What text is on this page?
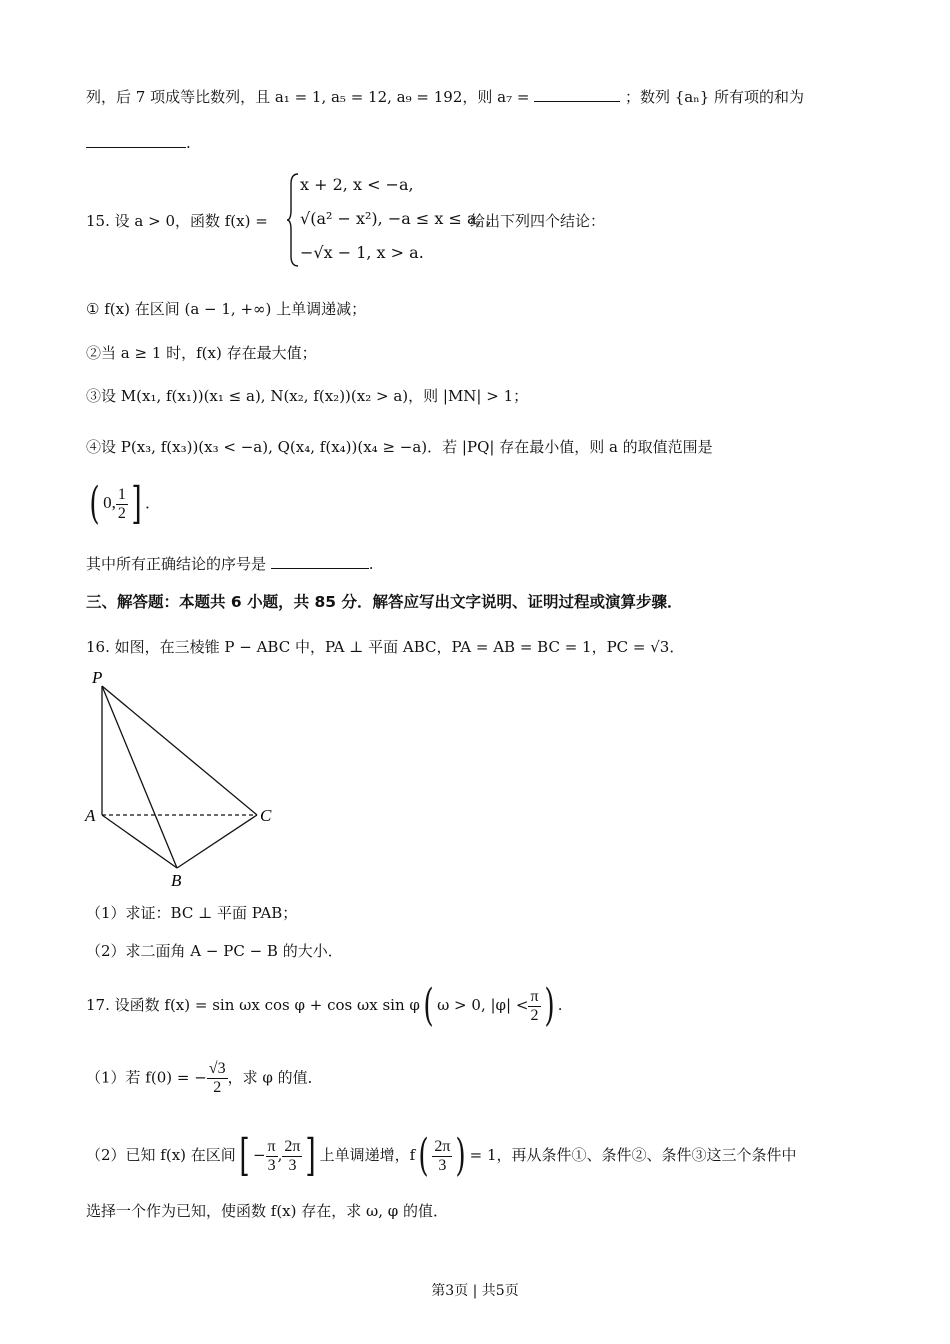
列，后 7 项成等比数列，且 a₁ = 1, a₅ = 12, a₉ = 192，则 a₇ =	；数列 {aₙ} 所有项的和为
.
15. 设 a > 0，函数 f(x) =
x + 2, x < −a,
√(a² − x²), −a ≤ x ≤ a, ,
−√x − 1, x > a.
给出下列四个结论：
① f(x) 在区间 (a − 1, +∞) 上单调递减；
②当 a ≥ 1 时，f(x) 存在最大值；
③设 M(x₁, f(x₁))(x₁ ≤ a), N(x₂, f(x₂))(x₂ > a)，则 |MN| > 1；
④设 P(x₃, f(x₃))(x₃ < −a), Q(x₄, f(x₄))(x₄ ≥ −a)．若 |PQ| 存在最小值，则 a 的取值范围是
( 0, $\frac{1}{2}$ ] ．
其中所有正确结论的序号是	.
三、解答题：本题共 6 小题，共 85 分．解答应写出文字说明、证明过程或演算步骤．
16. 如图，在三棱锥 P − ABC 中，PA ⊥ 平面 ABC，PA = AB = BC = 1，PC = √3．
P
A	C
B
（1）求证：BC ⊥ 平面 PAB；
（2）求二面角 A − PC − B 的大小．
17. 设函数 f(x) = sin ωx cos φ + cos ωx sin φ( ω > 0, $|\varphi| < \frac{\pi}{2}$ ) .
（1）若 f(0) = − $\frac{√3}{2}$ ，求 φ 的值．
（2）已知 f(x) 在区间[ − $\frac{\pi}{3}$ , $\frac{2\pi}{3}$ ] 上单调递增，$f( \frac{2\pi}{3}$ ) = 1，再从条件①、条件②、条件③这三个条件中
选择一个作为已知，使函数 f(x) 存在，求 ω, φ 的值．
第3页 | 共5页
